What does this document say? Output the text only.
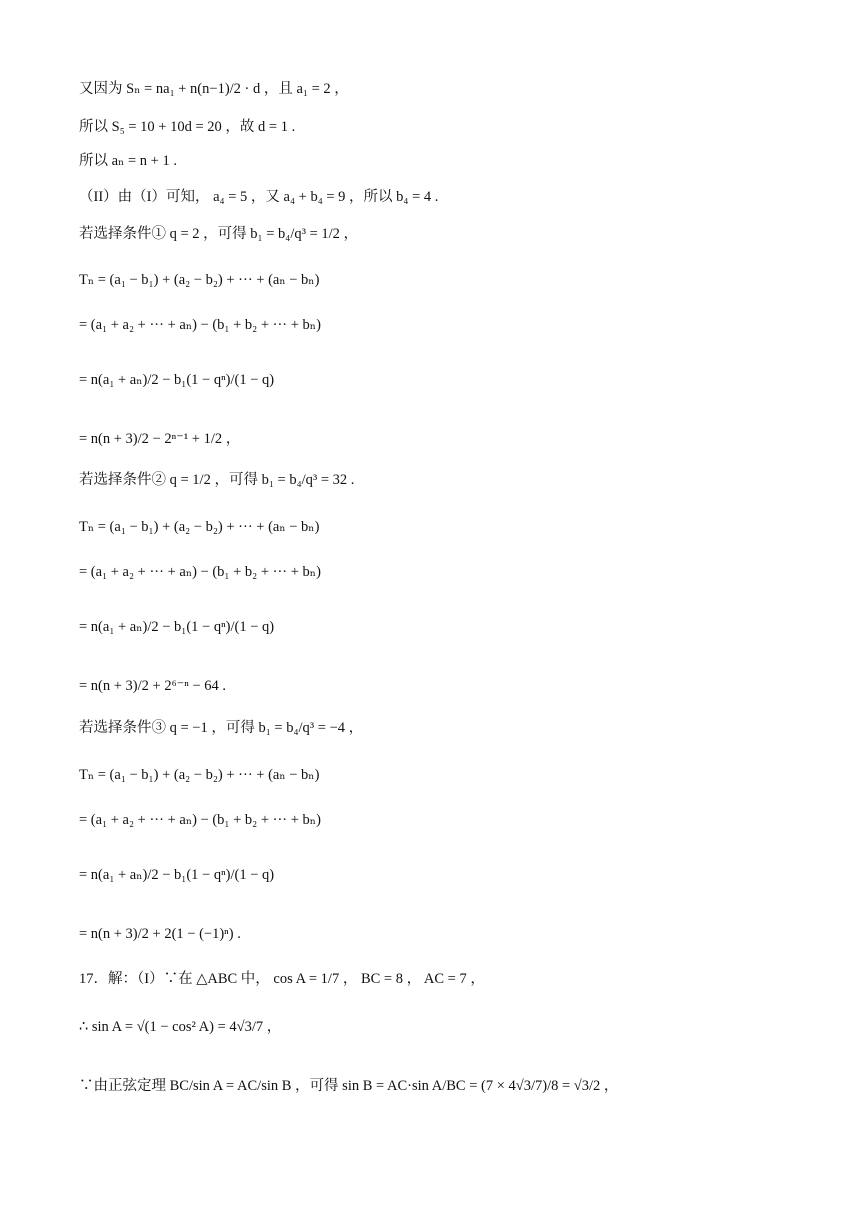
又因为 Sₙ = na₁ + n(n−1)/2 · d ，且 a₁ = 2 ，
所以 S₅ = 10 + 10d = 20 ，故 d = 1 .
所以 aₙ = n + 1 .
（II）由（I）可知， a₄ = 5 ，又 a₄ + b₄ = 9 ，所以 b₄ = 4 .
若选择条件① q = 2 ，可得 b₁ = b₄/q³ = 1/2 ，
Tₙ = (a₁ − b₁) + (a₂ − b₂) + ··· + (aₙ − bₙ)
= (a₁ + a₂ + ··· + aₙ) − (b₁ + b₂ + ··· + bₙ)
= n(a₁ + aₙ)/2 − b₁(1 − qⁿ)/(1 − q)
= n(n + 3)/2 − 2ⁿ⁻¹ + 1/2 ，
若选择条件② q = 1/2 ，可得 b₁ = b₄/q³ = 32 .
Tₙ = (a₁ − b₁) + (a₂ − b₂) + ··· + (aₙ − bₙ)
= (a₁ + a₂ + ··· + aₙ) − (b₁ + b₂ + ··· + bₙ)
= n(a₁ + aₙ)/2 − b₁(1 − qⁿ)/(1 − q)
= n(n + 3)/2 + 2⁶⁻ⁿ − 64 .
若选择条件③ q = −1 ，可得 b₁ = b₄/q³ = −4 ，
Tₙ = (a₁ − b₁) + (a₂ − b₂) + ··· + (aₙ − bₙ)
= (a₁ + a₂ + ··· + aₙ) − (b₁ + b₂ + ··· + bₙ)
= n(a₁ + aₙ)/2 − b₁(1 − qⁿ)/(1 − q)
= n(n + 3)/2 + 2(1 − (−1)ⁿ) .
17．解：（I）∵在 △ABC 中， cos A = 1/7 ， BC = 8 ， AC = 7 ，
∴ sin A = √(1 − cos² A) = 4√3/7 ，
∵由正弦定理 BC/sin A = AC/sin B ，可得 sin B = AC·sin A/BC = (7 × 4√3/7)/8 = √3/2 ，
